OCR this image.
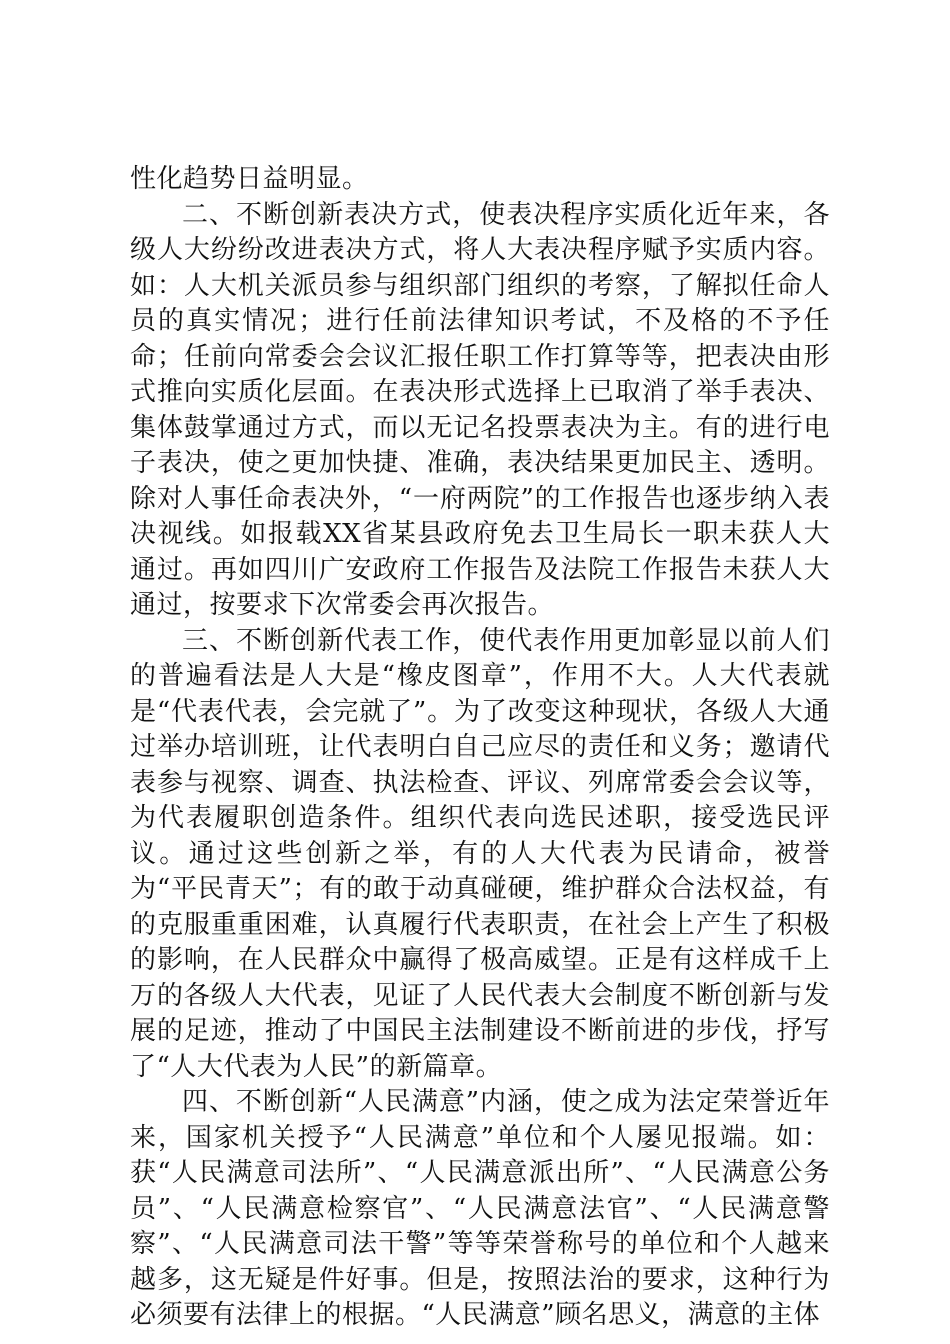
性化趋势日益明显。

二、不断创新表决方式，使表决程序实质化近年来，各级人大纷纷改进表决方式，将人大表决程序赋予实质内容。如：人大机关派员参与组织部门组织的考察，了解拟任命人员的真实情况；进行任前法律知识考试，不及格的不予任命；任前向常委会会议汇报任职工作打算等等，把表决由形式推向实质化层面。在表决形式选择上已取消了举手表决、集体鼓掌通过方式，而以无记名投票表决为主。有的进行电子表决，使之更加快捷、准确，表决结果更加民主、透明。除对人事任命表决外，“一府两院”的工作报告也逐步纳入表决视线。如报载XX省某县政府免去卫生局长一职未获人大通过。再如四川广安政府工作报告及法院工作报告未获人大通过，按要求下次常委会再次报告。

三、不断创新代表工作，使代表作用更加彰显以前人们的普遍看法是人大是“橡皮图章”，作用不大。人大代表就是“代表代表，会完就了”。为了改变这种现状，各级人大通过举办培训班，让代表明白自己应尽的责任和义务；邀请代表参与视察、调查、执法检查、评议、列席常委会会议等，为代表履职创造条件。组织代表向选民述职，接受选民评议。通过这些创新之举，有的人大代表为民请命，被誉为“平民青天”；有的敢于动真碰硬，维护群众合法权益，有的克服重重困难，认真履行代表职责，在社会上产生了积极的影响，在人民群众中赢得了极高威望。正是有这样成千上万的各级人大代表，见证了人民代表大会制度不断创新与发展的足迹，推动了中国民主法制建设不断前进的步伐，抒写了“人大代表为人民”的新篇章。

四、不断创新“人民满意”内涵，使之成为法定荣誉近年来，国家机关授予“人民满意”单位和个人屡见报端。如：获“人民满意司法所”、“人民满意派出所”、“人民满意公务员”、“人民满意检察官”、“人民满意法官”、“人民满意警察”、“人民满意司法干警”等等荣誉称号的单位和个人越来越多，这无疑是件好事。但是，按照法治的要求，这种行为必须要有法律上的根据。“人民满意”顾名思义，满意的主体
